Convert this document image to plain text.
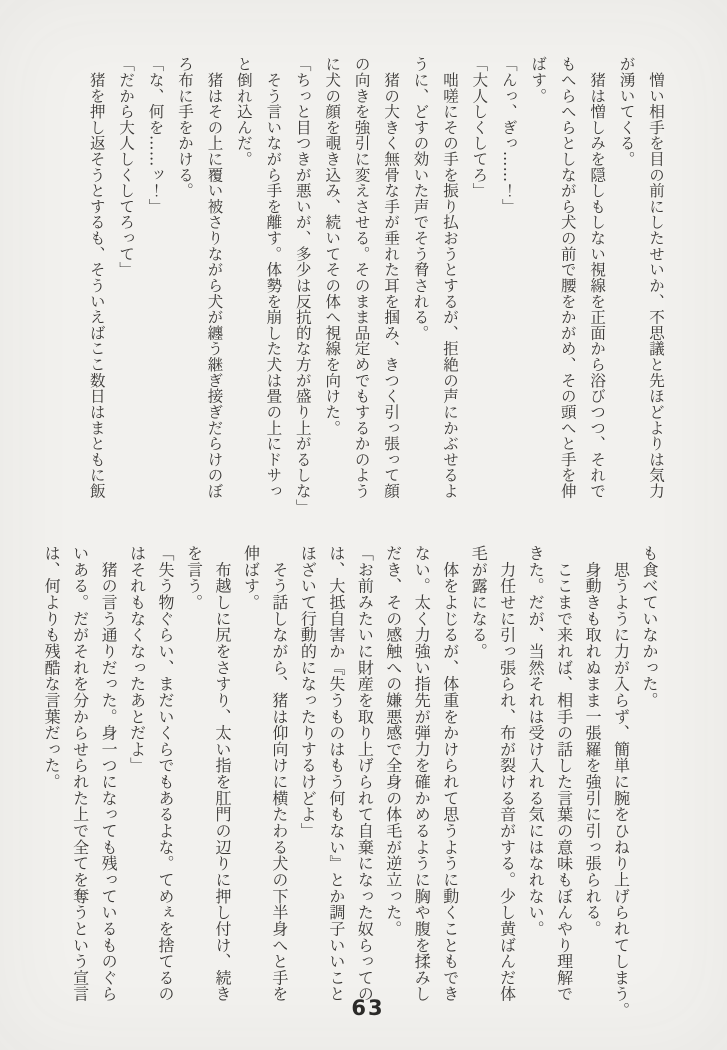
　憎い相手を目の前にしたせいか、不思議と先ほどよりは気力

が湧いてくる。

　猪は憎しみを隠しもしない視線を正面から浴びつつ、それで

もへらへらとしながら犬の前で腰をかがめ、その頭へと手を伸

ばす。

「んっ、ぎっ……！」

「大人しくしてろ」

　咄嗟にその手を振り払おうとするが、拒絶の声にかぶせるよ

うに、どすの効いた声でそう脅される。

　猪の大きく無骨な手が垂れた耳を掴み、きつく引っ張って顔

の向きを強引に変えさせる。そのまま品定めでもするかのよう

に犬の顔を覗き込み、続いてその体へ視線を向けた。

「ちっと目つきが悪いが、多少は反抗的な方が盛り上がるしな」

　そう言いながら手を離す。体勢を崩した犬は畳の上にドサっ

と倒れ込んだ。

　猪はその上に覆い被さりながら犬が纏う継ぎ接ぎだらけのぼ

ろ布に手をかける。

「な、何を……ッ！」

「だから大人しくしてろって」

　猪を押し返そうとするも、そういえばここ数日はまともに飯

も食べていなかった。

　思うように力が入らず、簡単に腕をひねり上げられてしまう。

　身動きも取れぬまま一張羅を強引に引っ張られる。

　ここまで来れば、相手の話した言葉の意味もぼんやり理解で

きた。だが、当然それは受け入れる気にはなれない。

　力任せに引っ張られ、布が裂ける音がする。少し黄ばんだ体

毛が露になる。

　体をよじるが、体重をかけられて思うように動くこともでき

ない。太く力強い指先が弾力を確かめるように胸や腹を揉みし

だき、その感触への嫌悪感で全身の体毛が逆立った。

「お前みたいに財産を取り上げられて自棄になった奴らっての

は、大抵自害か『失うものはもう何もない』とか調子いいこと

ほざいて行動的になったりするけどよ」

　そう話しながら、猪は仰向けに横たわる犬の下半身へと手を

伸ばす。

　布越しに尻をさすり、太い指を肛門の辺りに押し付け、続き

を言う。

「失う物ぐらい、まだいくらでもあるよな。てめぇを捨てるの

はそれもなくなったあとだよ」

　猪の言う通りだった。身一つになっても残っているものぐら

いある。だがそれを分からせられた上で全てを奪うという宣言

は、何よりも残酷な言葉だった。

63
